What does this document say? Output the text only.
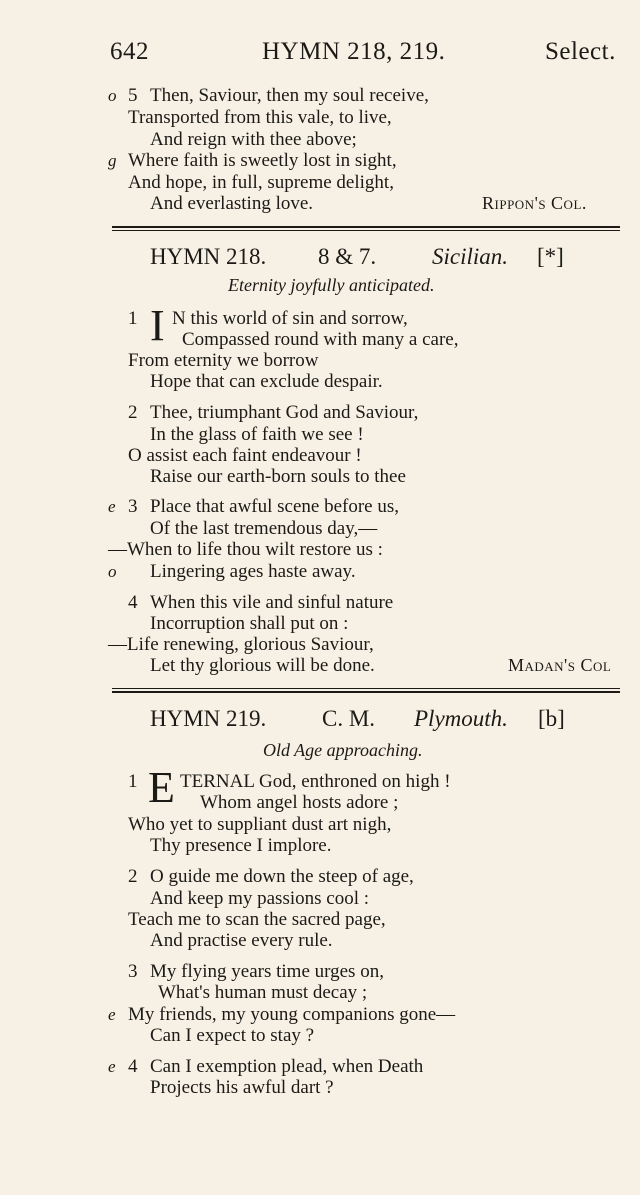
642	HYMN 218, 219.	Select.
o 5 Then, Saviour, then my soul receive,
Transported from this vale, to live,
And reign with thee above;
g Where faith is sweetly lost in sight,
And hope, in full, supreme delight,
And everlasting love.	Rippon's Col.
HYMN 218. 8 & 7. Sicilian. [*]
Eternity joyfully anticipated.
1 I N this world of sin and sorrow,
Compassed round with many a care,
From eternity we borrow
Hope that can exclude despair.
2 Thee, triumphant God and Saviour,
In the glass of faith we see !
O assist each faint endeavour !
Raise our earth-born souls to thee
e 3 Place that awful scene before us,
Of the last tremendous day,—
—When to life thou wilt restore us :
o Lingering ages haste away.
4 When this vile and sinful nature
Incorruption shall put on :
—Life renewing, glorious Saviour,
Let thy glorious will be done.	Madan's Col
HYMN 219. C. M. Plymouth. [b]
Old Age approaching.
1 E TERNAL God, enthroned on high !
Whom angel hosts adore ;
Who yet to suppliant dust art nigh,
Thy presence I implore.
2 O guide me down the steep of age,
And keep my passions cool :
Teach me to scan the sacred page,
And practise every rule.
3 My flying years time urges on,
What's human must decay ;
e My friends, my young companions gone—
Can I expect to stay ?
e 4 Can I exemption plead, when Death
Projects his awful dart ?
